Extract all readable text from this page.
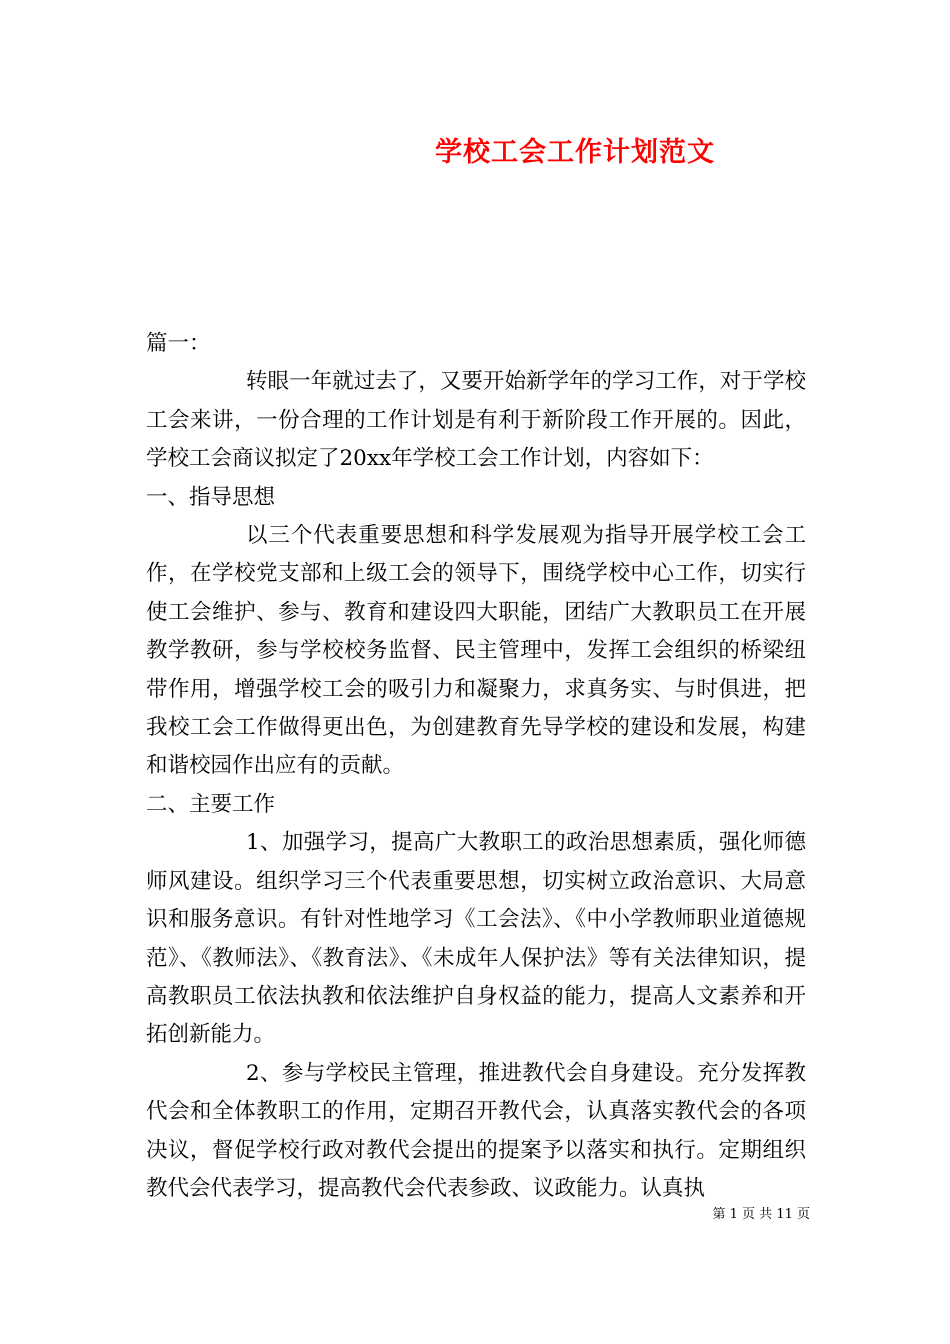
学校工会工作计划范文

篇一：

转眼一年就过去了，又要开始新学年的学习工作，对于学校工会来讲，一份合理的工作计划是有利于新阶段工作开展的。因此，学校工会商议拟定了20xx年学校工会工作计划，内容如下：

一、指导思想

以三个代表重要思想和科学发展观为指导开展学校工会工作，在学校党支部和上级工会的领导下，围绕学校中心工作，切实行使工会维护、参与、教育和建设四大职能，团结广大教职员工在开展教学教研，参与学校校务监督、民主管理中，发挥工会组织的桥梁纽带作用，增强学校工会的吸引力和凝聚力，求真务实、与时俱进，把我校工会工作做得更出色，为创建教育先导学校的建设和发展，构建和谐校园作出应有的贡献。

二、主要工作

1、加强学习，提高广大教职工的政治思想素质，强化师德师风建设。组织学习三个代表重要思想，切实树立政治意识、大局意识和服务意识。有针对性地学习《工会法》、《中小学教师职业道德规范》、《教师法》、《教育法》、《未成年人保护法》等有关法律知识，提高教职员工依法执教和依法维护自身权益的能力，提高人文素养和开拓创新能力。

2、参与学校民主管理，推进教代会自身建设。充分发挥教代会和全体教职工的作用，定期召开教代会，认真落实教代会的各项决议，督促学校行政对教代会提出的提案予以落实和执行。定期组织教代会代表学习，提高教代会代表参政、议政能力。认真执

第 1 页 共 11 页
